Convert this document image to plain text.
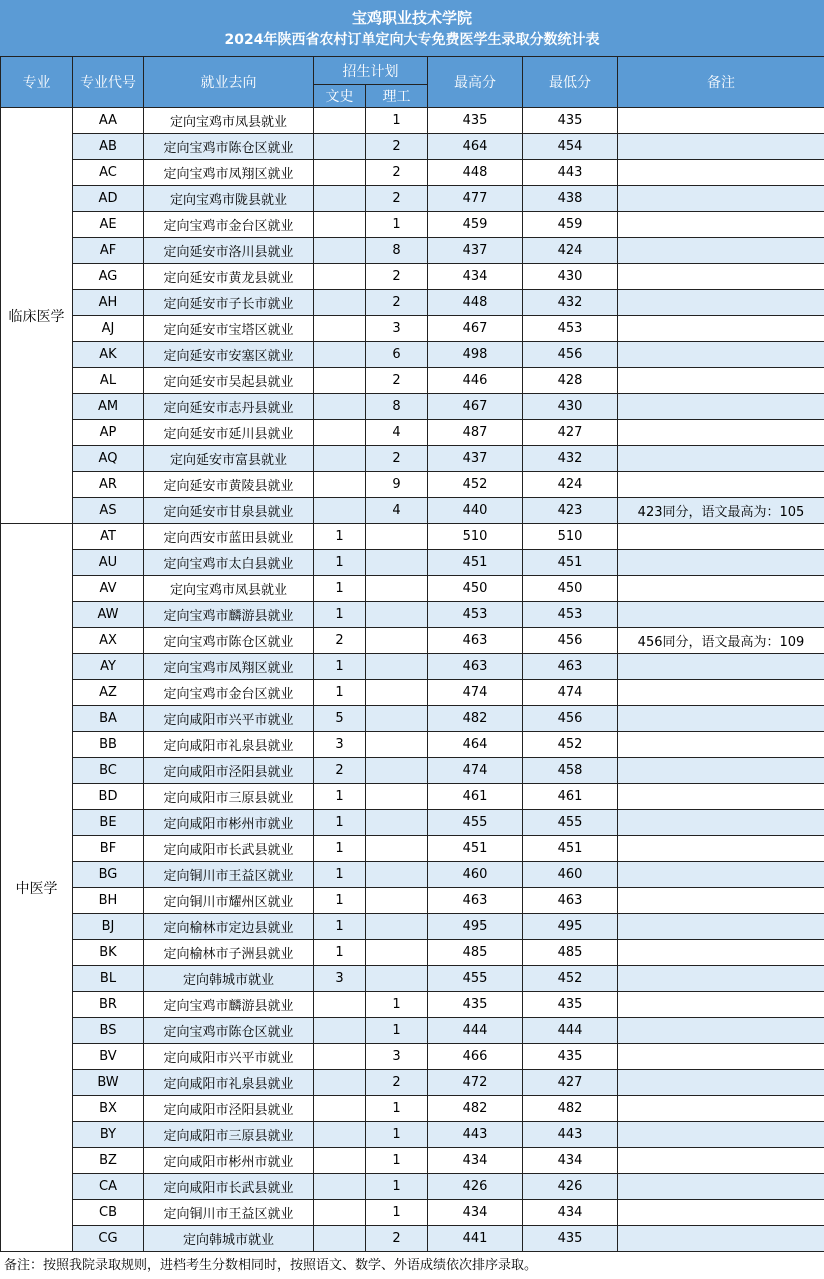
宝鸡职业技术学院
2024年陕西省农村订单定向大专免费医学生录取分数统计表
专业	专业代号	就业去向	招生计划		最高分	最低分	备注
			文史	理工			
临床医学	AA	定向宝鸡市凤县就业		1	435	435	
	AB	定向宝鸡市陈仓区就业		2	464	454	
	AC	定向宝鸡市凤翔区就业		2	448	443	
	AD	定向宝鸡市陇县就业		2	477	438	
	AE	定向宝鸡市金台区就业		1	459	459	
	AF	定向延安市洛川县就业		8	437	424	
	AG	定向延安市黄龙县就业		2	434	430	
	AH	定向延安市子长市就业		2	448	432	
	AJ	定向延安市宝塔区就业		3	467	453	
	AK	定向延安市安塞区就业		6	498	456	
	AL	定向延安市吴起县就业		2	446	428	
	AM	定向延安市志丹县就业		8	467	430	
	AP	定向延安市延川县就业		4	487	427	
	AQ	定向延安市富县就业		2	437	432	
	AR	定向延安市黄陵县就业		9	452	424	
	AS	定向延安市甘泉县就业		4	440	423	423同分，语文最高为：105
中医学	AT	定向西安市蓝田县就业	1		510	510	
	AU	定向宝鸡市太白县就业	1		451	451	
	AV	定向宝鸡市凤县就业	1		450	450	
	AW	定向宝鸡市麟游县就业	1		453	453	
	AX	定向宝鸡市陈仓区就业	2		463	456	456同分，语文最高为：109
	AY	定向宝鸡市凤翔区就业	1		463	463	
	AZ	定向宝鸡市金台区就业	1		474	474	
	BA	定向咸阳市兴平市就业	5		482	456	
	BB	定向咸阳市礼泉县就业	3		464	452	
	BC	定向咸阳市泾阳县就业	2		474	458	
	BD	定向咸阳市三原县就业	1		461	461	
	BE	定向咸阳市彬州市就业	1		455	455	
	BF	定向咸阳市长武县就业	1		451	451	
	BG	定向铜川市王益区就业	1		460	460	
	BH	定向铜川市耀州区就业	1		463	463	
	BJ	定向榆林市定边县就业	1		495	495	
	BK	定向榆林市子洲县就业	1		485	485	
	BL	定向韩城市就业	3		455	452	
	BR	定向宝鸡市麟游县就业		1	435	435	
	BS	定向宝鸡市陈仓区就业		1	444	444	
	BV	定向咸阳市兴平市就业		3	466	435	
	BW	定向咸阳市礼泉县就业		2	472	427	
	BX	定向咸阳市泾阳县就业		1	482	482	
	BY	定向咸阳市三原县就业		1	443	443	
	BZ	定向咸阳市彬州市就业		1	434	434	
	CA	定向咸阳市长武县就业		1	426	426	
	CB	定向铜川市王益区就业		1	434	434	
	CG	定向韩城市就业		2	441	435	
备注：按照我院录取规则，进档考生分数相同时，按照语文、数学、外语成绩依次排序录取。
